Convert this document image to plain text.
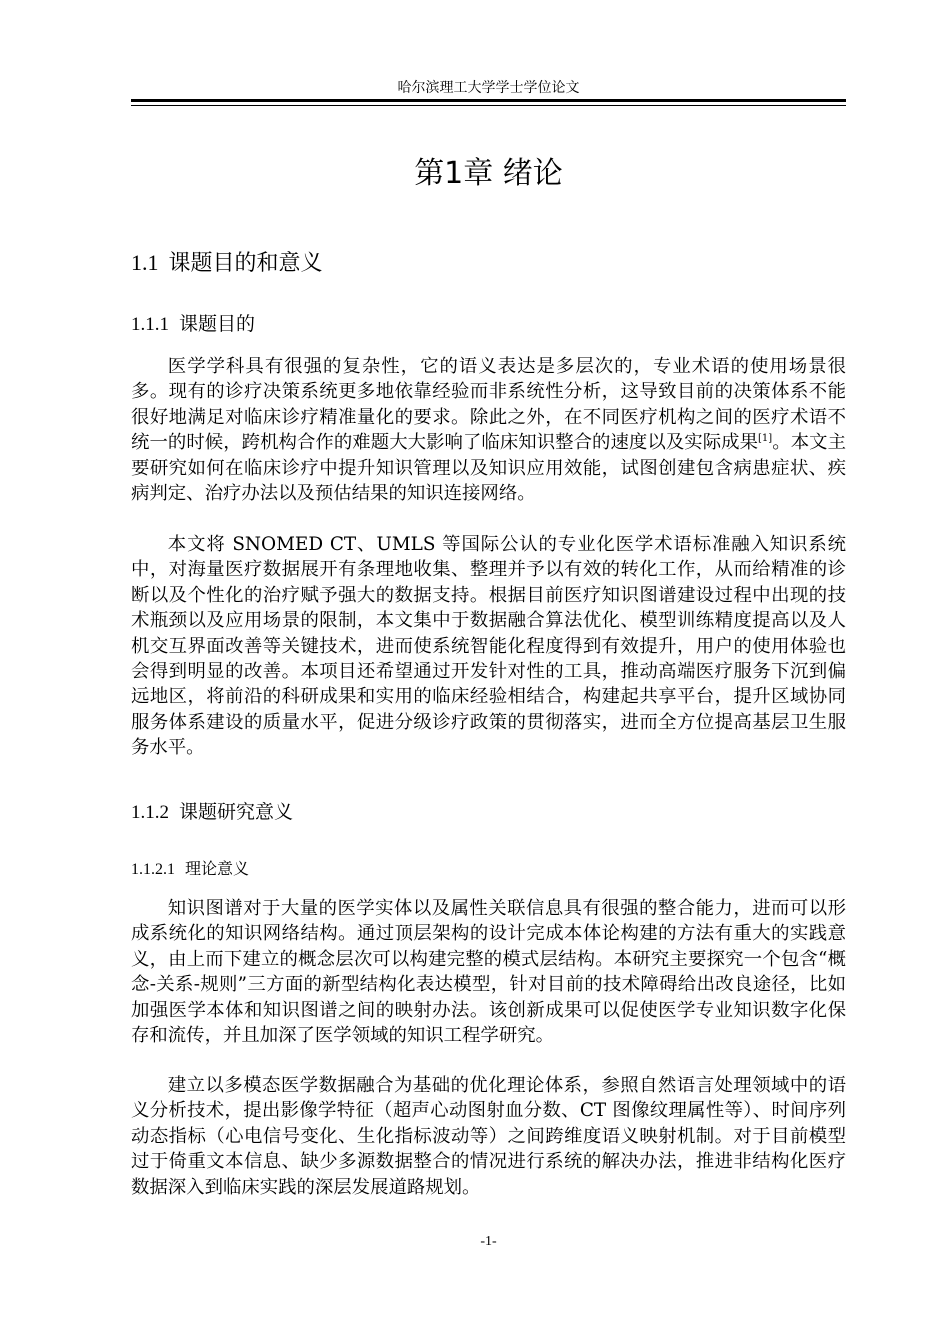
哈尔滨理工大学学士学位论文
第1章 绪论
1.1 课题目的和意义
1.1.1 课题目的

医学学科具有很强的复杂性，它的语义表达是多层次的，专业术语的使用场景很多。现有的诊疗决策系统更多地依靠经验而非系统性分析，这导致目前的决策体系不能很好地满足对临床诊疗精准量化的要求。除此之外，在不同医疗机构之间的医疗术语不统一的时候，跨机构合作的难题大大影响了临床知识整合的速度以及实际成果[1]。本文主要研究如何在临床诊疗中提升知识管理以及知识应用效能，试图创建包含病患症状、疾病判定、治疗办法以及预估结果的知识连接网络。

本文将 SNOMED CT、UMLS 等国际公认的专业化医学术语标准融入知识系统中，对海量医疗数据展开有条理地收集、整理并予以有效的转化工作，从而给精准的诊断以及个性化的治疗赋予强大的数据支持。根据目前医疗知识图谱建设过程中出现的技术瓶颈以及应用场景的限制，本文集中于数据融合算法优化、模型训练精度提高以及人机交互界面改善等关键技术，进而使系统智能化程度得到有效提升，用户的使用体验也会得到明显的改善。本项目还希望通过开发针对性的工具，推动高端医疗服务下沉到偏远地区，将前沿的科研成果和实用的临床经验相结合，构建起共享平台，提升区域协同服务体系建设的质量水平，促进分级诊疗政策的贯彻落实，进而全方位提高基层卫生服务水平。

1.1.2 课题研究意义
1.1.2.1 理论意义

知识图谱对于大量的医学实体以及属性关联信息具有很强的整合能力，进而可以形成系统化的知识网络结构。通过顶层架构的设计完成本体论构建的方法有重大的实践意义，由上而下建立的概念层次可以构建完整的模式层结构。本研究主要探究一个包含“概念-关系-规则”三方面的新型结构化表达模型，针对目前的技术障碍给出改良途径，比如加强医学本体和知识图谱之间的映射办法。该创新成果可以促使医学专业知识数字化保存和流传，并且加深了医学领域的知识工程学研究。

建立以多模态医学数据融合为基础的优化理论体系，参照自然语言处理领域中的语义分析技术，提出影像学特征（超声心动图射血分数、CT 图像纹理属性等）、时间序列动态指标（心电信号变化、生化指标波动等）之间跨维度语义映射机制。对于目前模型过于倚重文本信息、缺少多源数据整合的情况进行系统的解决办法，推进非结构化医疗数据深入到临床实践的深层发展道路规划。

-1-
